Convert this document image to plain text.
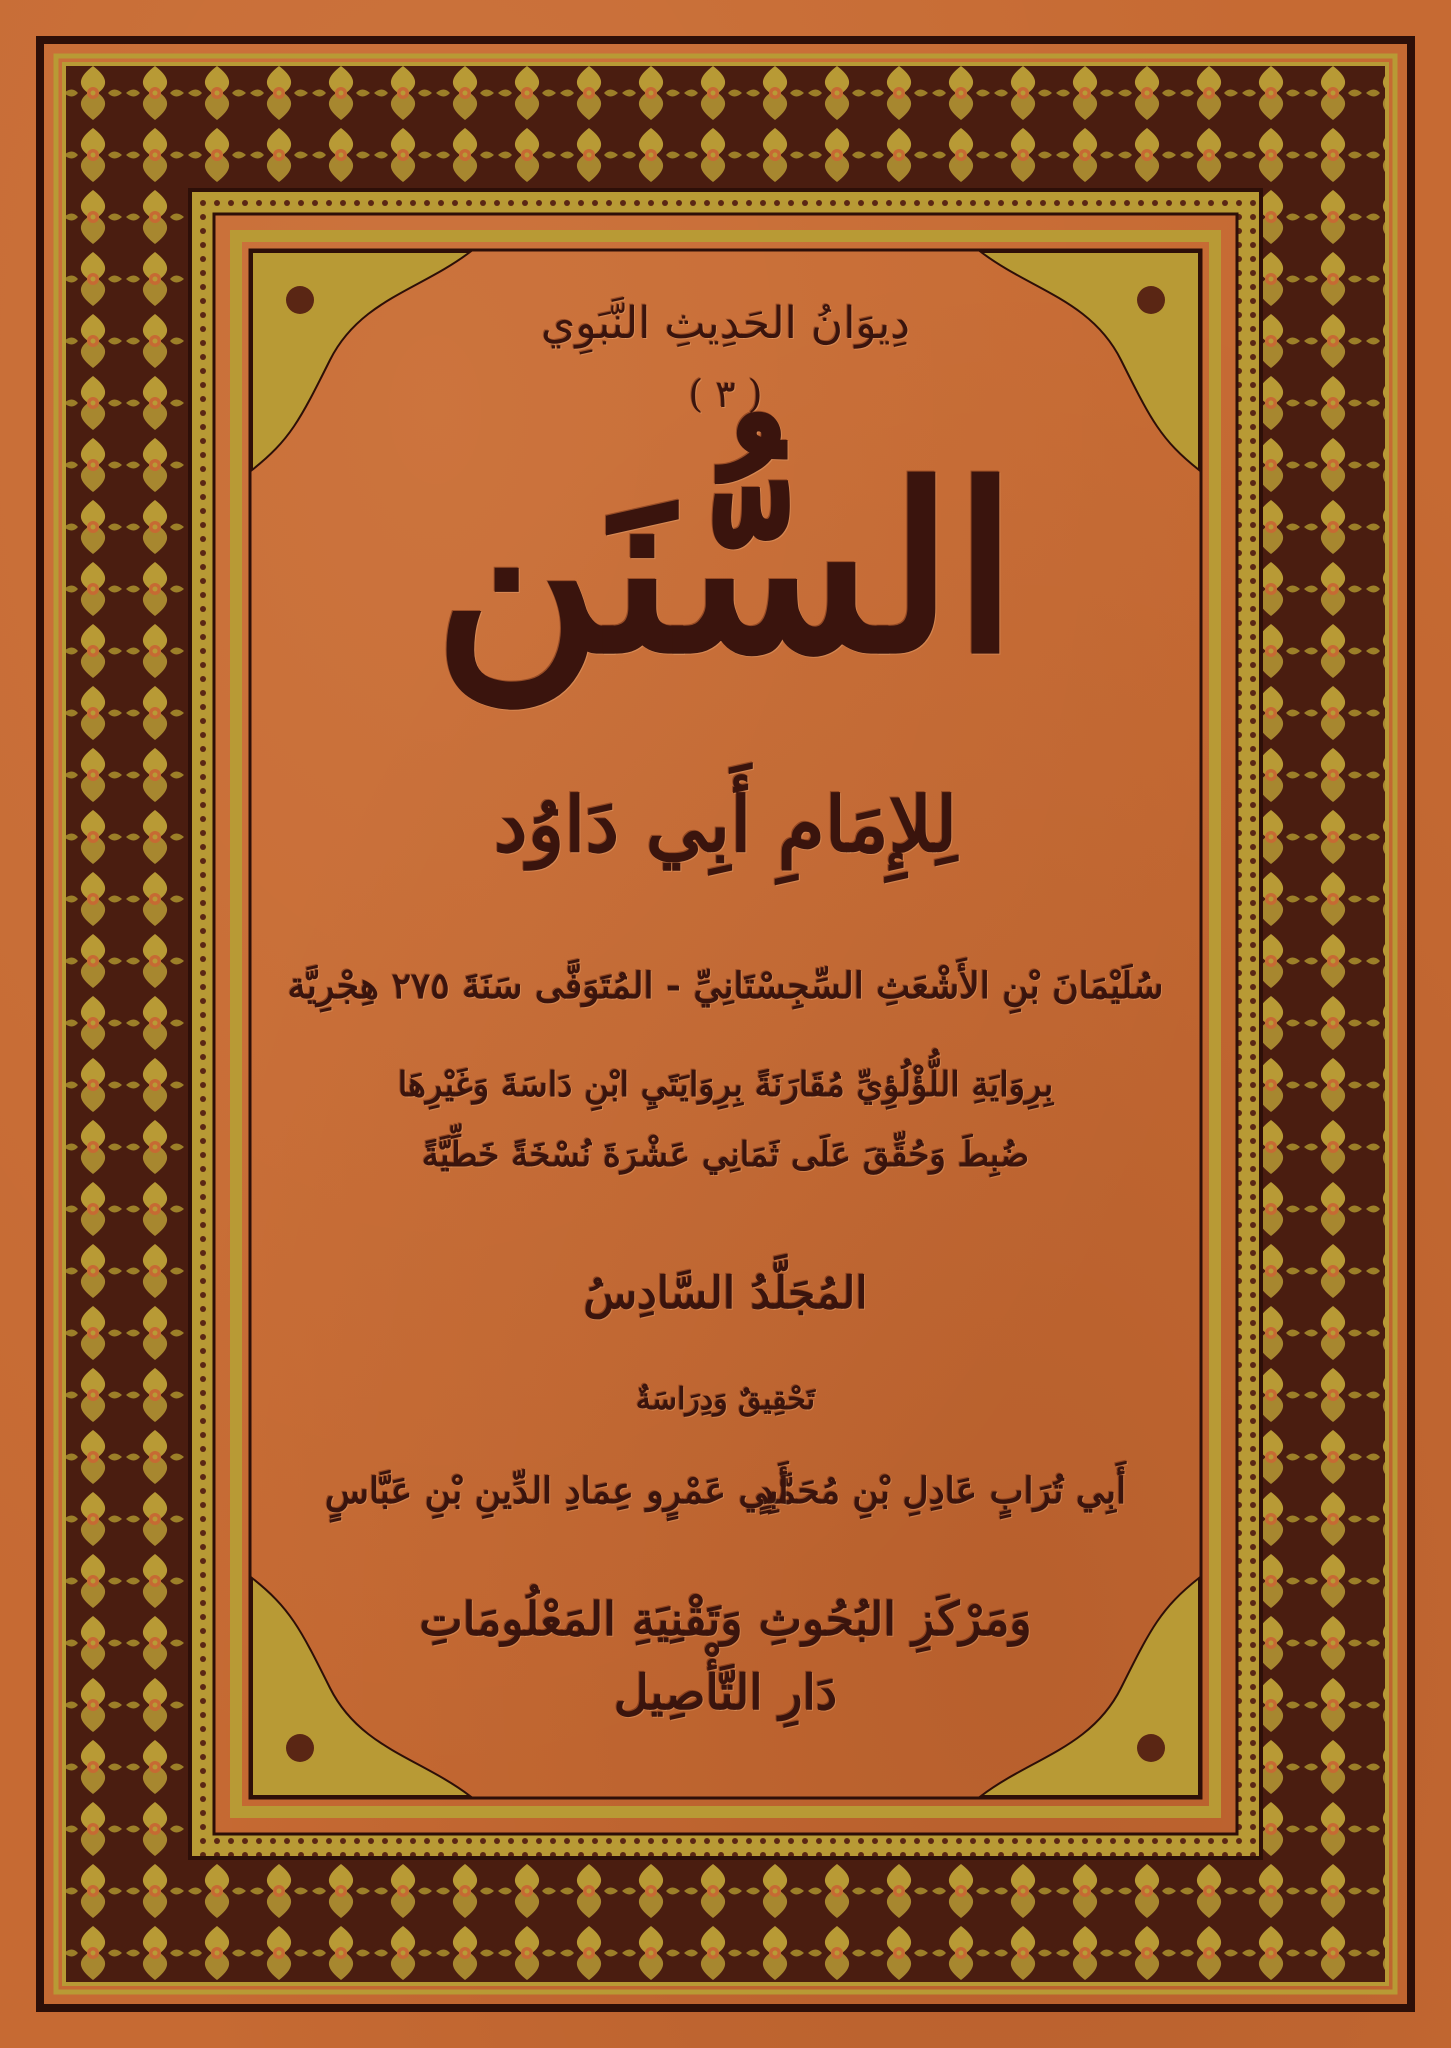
دِيوَانُ الحَدِيثِ النَّبَوِي
( ٣ )
السُّنَن
لِلإِمَامِ أَبِي دَاوُد
سُلَيْمَانَ بْنِ الأَشْعَثِ السِّجِسْتَانِيِّ - المُتَوَفَّى سَنَةَ ٢٧٥ هِجْرِيَّة
بِرِوَايَةِ اللُّؤْلُؤِيِّ مُقَارَنَةً بِرِوَايَتَيِ ابْنِ دَاسَةَ وَغَيْرِهَا
ضُبِطَ وَحُقِّقَ عَلَى ثَمَانِي عَشْرَةَ نُسْخَةً خَطِّيَّةً
المُجَلَّدُ السَّادِسُ
تَحْقِيقٌ وَدِرَاسَةٌ
أَبِي تُرَابٍ عَادِلِ بْنِ مُحَمَّدٍ
أَبِي عَمْرٍو عِمَادِ الدِّينِ بْنِ عَبَّاسٍ
وَمَرْكَزِ البُحُوثِ وَتَقْنِيَةِ المَعْلُومَاتِ
دَارِ التَّأْصِيل
